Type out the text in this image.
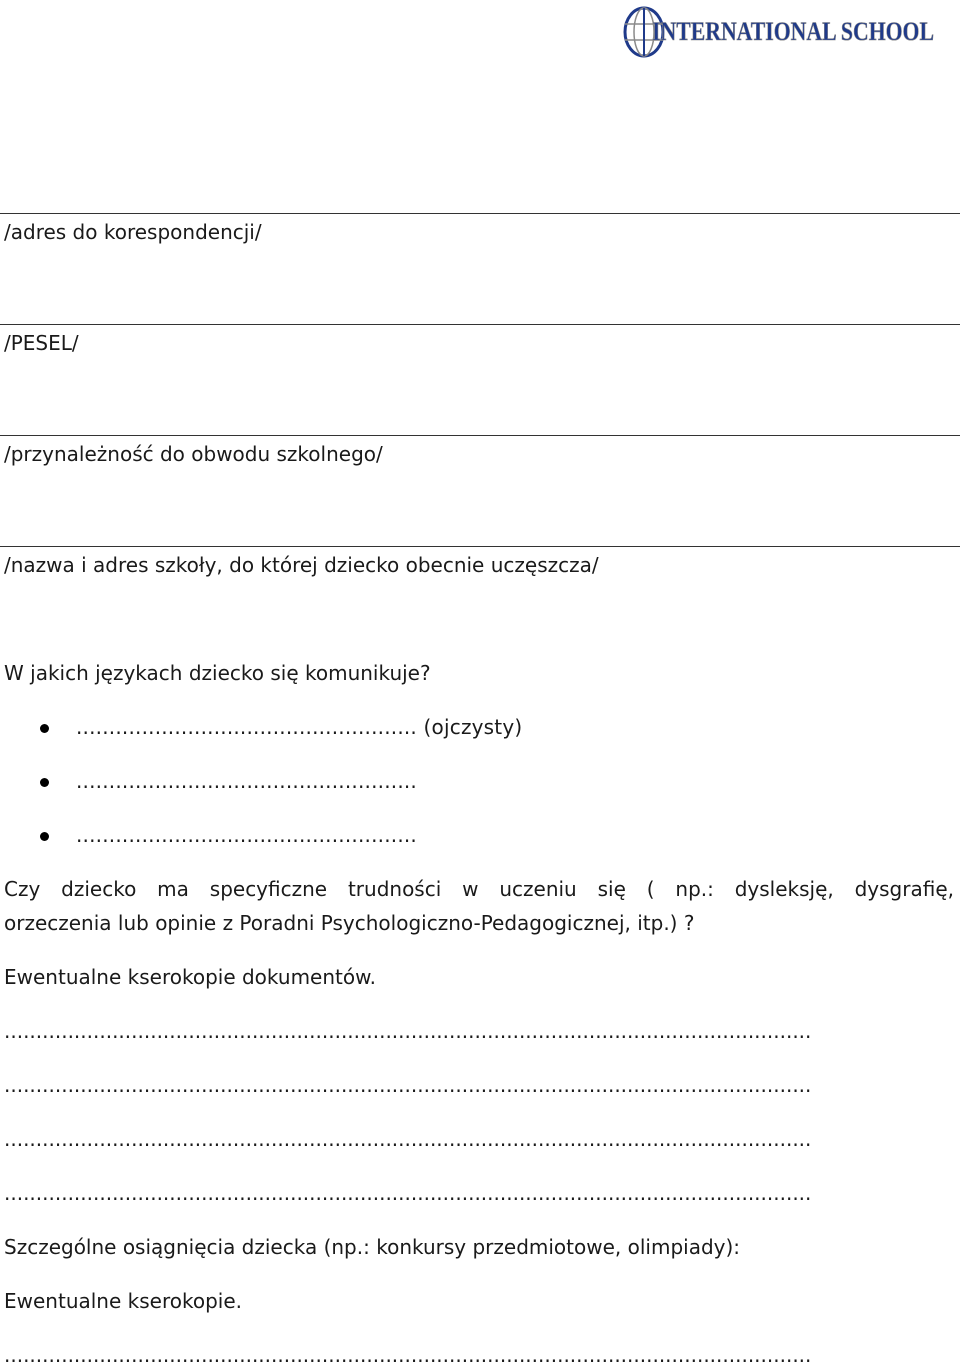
INTERNATIONAL SCHOOL
/adres do korespondencji/
/PESEL/
/przynależność do obwodu szkolnego/
/nazwa i adres szkoły, do której dziecko obecnie uczęszcza/
W jakich językach dziecko się komunikuje?
.................................................... (ojczysty)
....................................................
....................................................
Czy dziecko ma specyficzne trudności w uczeniu się ( np.: dysleksję, dysgrafię,
orzeczenia lub opinie z Poradni Psychologiczno-Pedagogicznej, itp.) ?
Ewentualne kserokopie dokumentów.
...............................................................................................................................
...............................................................................................................................
...............................................................................................................................
...............................................................................................................................
Szczególne osiągnięcia dziecka (np.: konkursy przedmiotowe, olimpiady):
Ewentualne kserokopie.
...............................................................................................................................
